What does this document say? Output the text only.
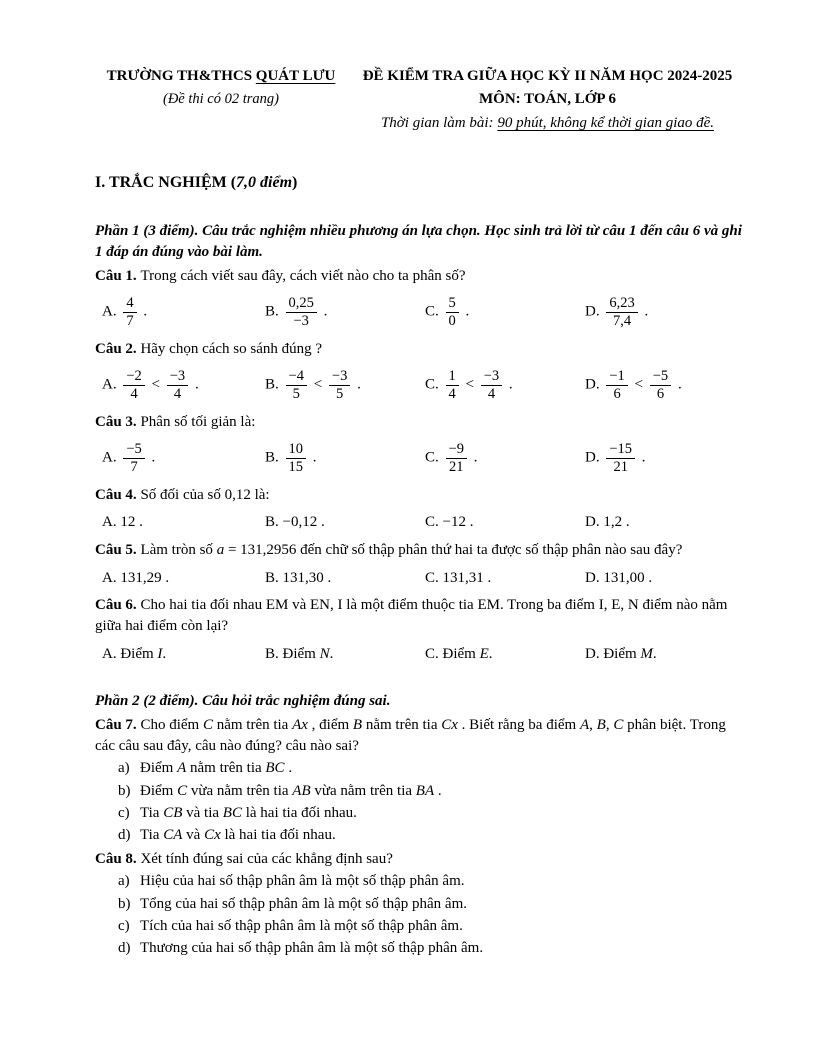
TRƯỜNG TH&THCS QUÁT LƯU
(Đề thi có 02 trang)
ĐỀ KIỂM TRA GIỮA HỌC KỲ II NĂM HỌC 2024-2025
MÔN: TOÁN, LỚP 6
Thời gian làm bài: 90 phút, không kể thời gian giao đề.
I. TRẮC NGHIỆM (7,0 điểm)
Phần 1 (3 điểm). Câu trắc nghiệm nhiều phương án lựa chọn. Học sinh trả lời từ câu 1 đến câu 6 và ghi 1 đáp án đúng vào bài làm.

Câu 1. Trong cách viết sau đây, cách viết nào cho ta phân số?

A. $\frac{4}{7}$ .	B. $\frac{0,25}{-3}$ .	C. $\frac{5}{0}$ .	D. $\frac{6,23}{7,4}$ .

Câu 2. Hãy chọn cách so sánh đúng ?

A. $\frac{-2}{4} < \frac{-3}{4}$ .	B. $\frac{-4}{5} < \frac{-3}{5}$ .	C. $\frac{1}{4} < \frac{-3}{4}$ .	D. $\frac{-1}{6} < \frac{-5}{6}$ .

Câu 3. Phân số tối giản là:

A. $\frac{-5}{7}$ .	B. $\frac{10}{15}$ .	C. $\frac{-9}{21}$ .	D. $\frac{-15}{21}$ .

Câu 4. Số đối của số 0,12 là:

A. 12 .	B. −0,12 .	C. −12 .	D. 1,2 .

Câu 5. Làm tròn số a = 131,2956 đến chữ số thập phân thứ hai ta được số thập phân nào sau đây?

A. 131,29 .	B. 131,30 .	C. 131,31 .	D. 131,00 .

Câu 6. Cho hai tia đối nhau EM và EN, I là một điểm thuộc tia EM. Trong ba điểm I, E, N điểm nào nằm giữa hai điểm còn lại?

A. Điểm I.	B. Điểm N.	C. Điểm E.	D. Điểm M.
Phần 2 (2 điểm). Câu hỏi trắc nghiệm đúng sai.

Câu 7. Cho điểm C nằm trên tia Ax , điểm B nằm trên tia Cx . Biết rằng ba điểm A, B, C phân biệt. Trong các câu sau đây, câu nào đúng? câu nào sai?

a) Điểm A nằm trên tia BC .

b) Điểm C vừa nằm trên tia AB vừa nằm trên tia BA .

c) Tia CB và tia BC là hai tia đối nhau.

d) Tia CA và Cx là hai tia đối nhau.

Câu 8. Xét tính đúng sai của các khẳng định sau?

a) Hiệu của hai số thập phân âm là một số thập phân âm.

b) Tổng của hai số thập phân âm là một số thập phân âm.

c) Tích của hai số thập phân âm là một số thập phân âm.

d) Thương của hai số thập phân âm là một số thập phân âm.
